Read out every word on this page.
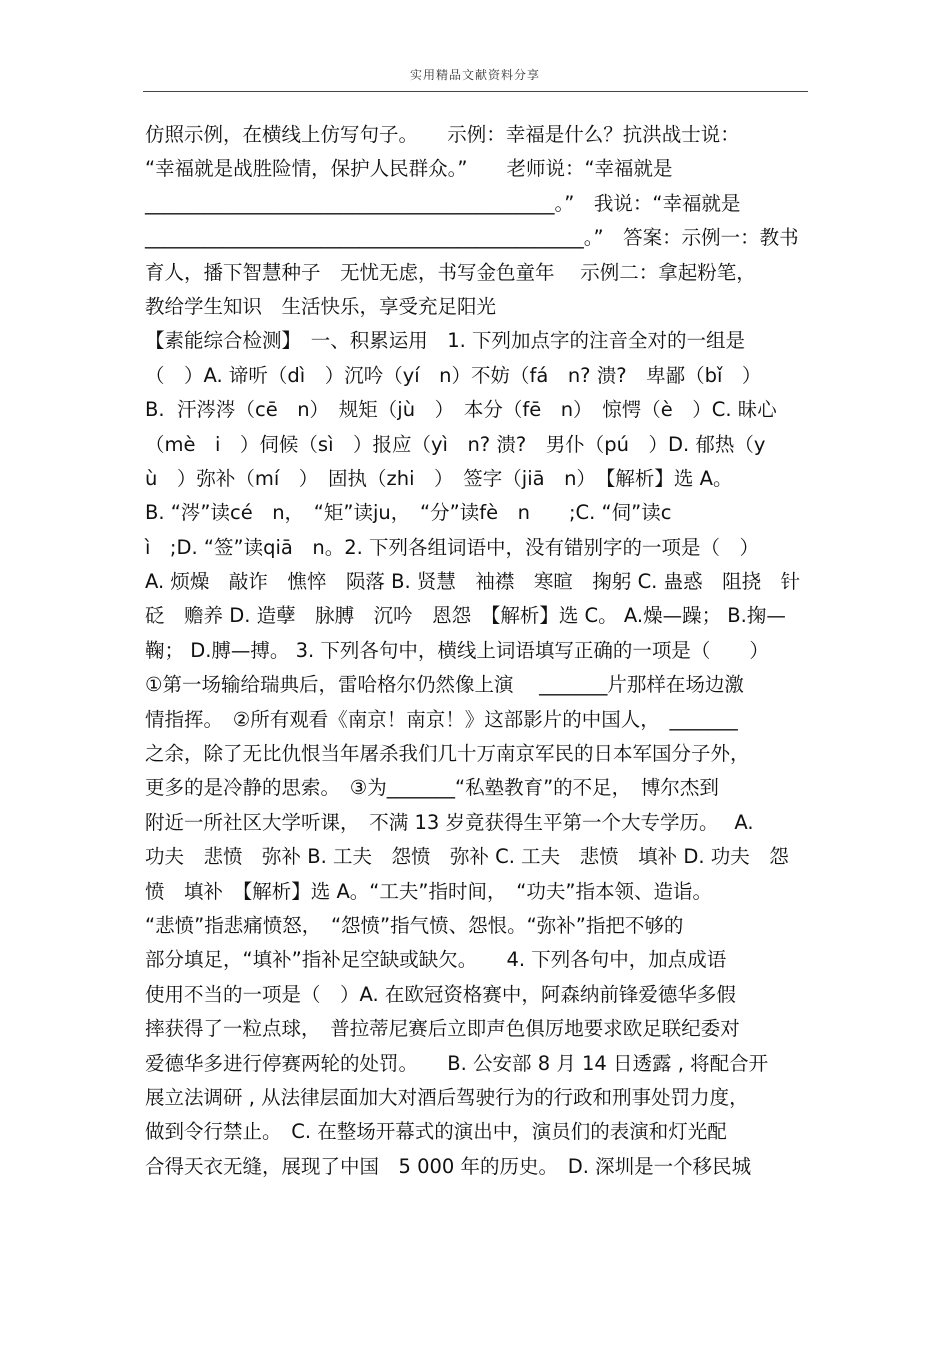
实用精品文献资料分享
仿照示例，在横线上仿写句子。　　示例：幸福是什么？抗洪战士说：
“幸福就是战胜险情，保护人民群众。”　　老师说：“幸福就是
__________________________________________。”　我说：“幸福就是
_____________________________________________。”　答案：示例一：教书
育人，播下智慧种子　无忧无虑，书写金色童年　 示例二：拿起粉笔，
教给学生知识　生活快乐，享受充足阳光
【素能综合检测】　一、积累运用　1. 下列加点字的注音全对的一组是
（　）A. 谛听（dì　）沉吟（yí　n）不妨（fá　n? 溃?　卑鄙（bǐ　）
B.  汗涔涔（cē　n）　规矩（jù　）　本分（fē　n）　惊愕（è　）C. 昧心
（mè　i　）伺候（sì　）报应（yì　n? 溃?　男仆（pú　）D. 郁热（y
ù　）弥补（mí　）　固执（zhi　）　签字（jiā　n）　【解析】选 A。
B. “涔”读cé　n，　“矩”读ju，　“分”读fè　n　　;C. “伺”读c
ì　;D. “签”读qiā　n。2. 下列各组词语中，没有错别字的一项是（　）
A. 烦燥　敲诈　憔悴　陨落 B. 贤慧　袖襟　寒暄　掬躬 C. 蛊惑　阻挠　针
砭　赡养 D. 造孽　脉膊　沉吟　恩怨　【解析】选 C。 A.燥—躁； B.掬—
鞠； D.膊—搏。 3. 下列各句中，横线上词语填写正确的一项是（　　）
①第一场输给瑞典后，雷哈格尔仍然像上演　 _______片那样在场边激
情指挥。　②所有观看《南京！南京！》这部影片的中国人，　_______
之余，除了无比仇恨当年屠杀我们几十万南京军民的日本军国分子外，
更多的是冷静的思索。　③为_______“私塾教育”的不足，　博尔杰到
附近一所社区大学听课，　不满 13 岁竟获得生平第一个大专学历。　 A.
功夫　悲愤　弥补 B. 工夫　怨愤　弥补 C. 工夫　悲愤　填补 D. 功夫　怨
愤　填补　【解析】选 A。“工夫”指时间，　“功夫”指本领、造诣。
“悲愤”指悲痛愤怒，　“怨愤”指气愤、怨恨。“弥补”指把不够的
部分填足，“填补”指补足空缺或缺欠。　　4. 下列各句中，加点成语
使用不当的一项是（　）A. 在欧冠资格赛中，阿森纳前锋爱德华多假
摔获得了一粒点球，　普拉蒂尼赛后立即声色俱厉地要求欧足联纪委对
爱德华多进行停赛两轮的处罚。　　B. 公安部 8 月 14 日透露 , 将配合开
展立法调研 , 从法律层面加大对酒后驾驶行为的行政和刑事处罚力度，
做到令行禁止。　C. 在整场开幕式的演出中，演员们的表演和灯光配
合得天衣无缝，展现了中国　5 000 年的历史。　D. 深圳是一个移民城
